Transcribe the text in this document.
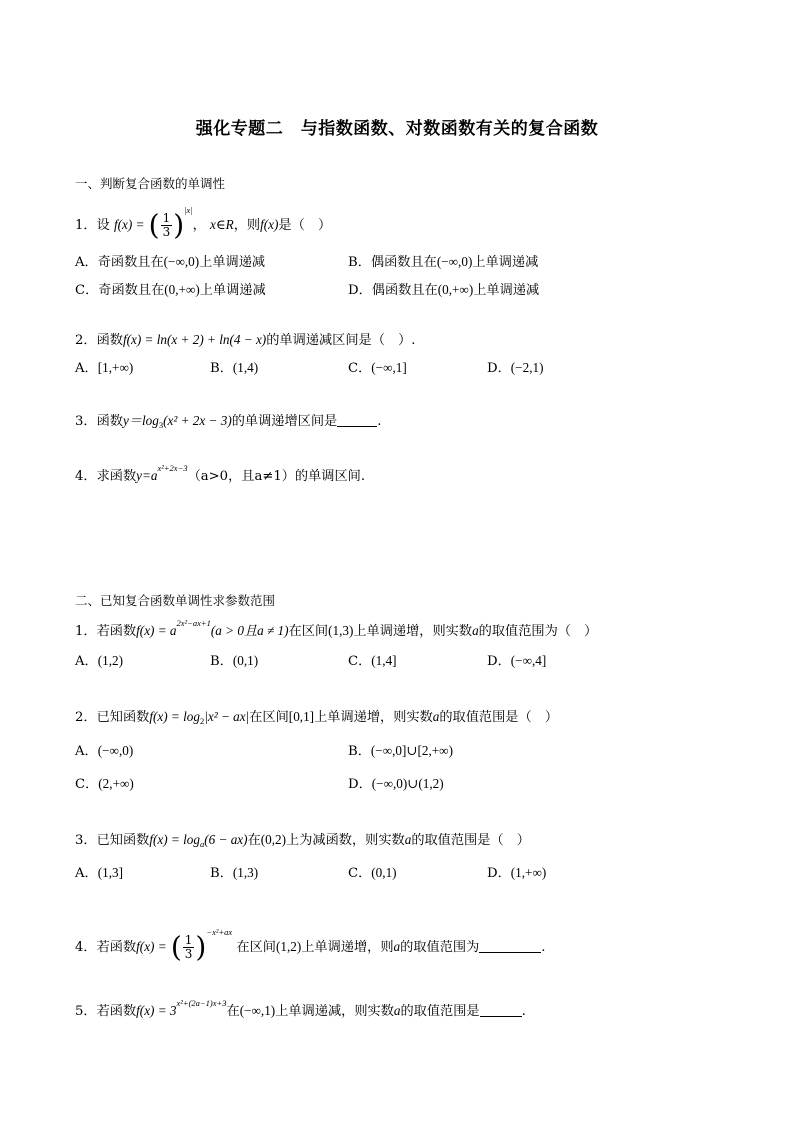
强化专题二　与指数函数、对数函数有关的复合函数
一、判断复合函数的单调性
1．设 f(x) = ( $\frac{1}{3} )|x|$， x∈R，则f(x)是（　）
A．奇函数且在(−∞,0)上单调递减	B．偶函数且在(−∞,0)上单调递减
C．奇函数且在(0,+∞)上单调递减	D．偶函数且在(0,+∞)上单调递减
2．函数f(x) = ln(x + 2) + ln(4 − x)的单调递减区间是（　）.
A．[1,+∞)	B．(1,4)	C．(−∞,1]	D．(−2,1)
3．函数$y=\log_3(x^2 + 2x - 3)$的单调递增区间是	.
4．求函数$y=a^{x^2+2x-3}(a>0$，且a≠1）的单调区间.
二、已知复合函数单调性求参数范围
1．若函数$f(x) = a^{2x^2-ax+1}(a > 0$且a ≠ 1)在区间(1,3)上单调递增，则实数a的取值范围为（　）
A．(1,2)	B．(0,1)	C．(1,4]	D．(−∞,4]
2．已知函数$f(x) = \log_2|x^2 - ax|$在区间[0,1]上单调递增，则实数a的取值范围是（　）
A．(−∞,0)	B．(−∞,0]∪[2,+∞)
C．(2,+∞)	D．(−∞,0)∪(1,2)
3．已知函数$f(x) = \log_a(6 - ax)$在(0,2)上为减函数，则实数a的取值范围是（　）
A．(1,3]	B．(1,3)	C．(0,1)	D．(1,+∞)
4．若函数f(x) = ( $\frac{1}{3} )-x^2+ax$ 在区间(1,2)上单调递增，则a的取值范围为	.
5．若函数$f(x) = 3^{x^2+(2a-1)x+3}$在(−∞,1)上单调递减，则实数a的取值范围是	.
